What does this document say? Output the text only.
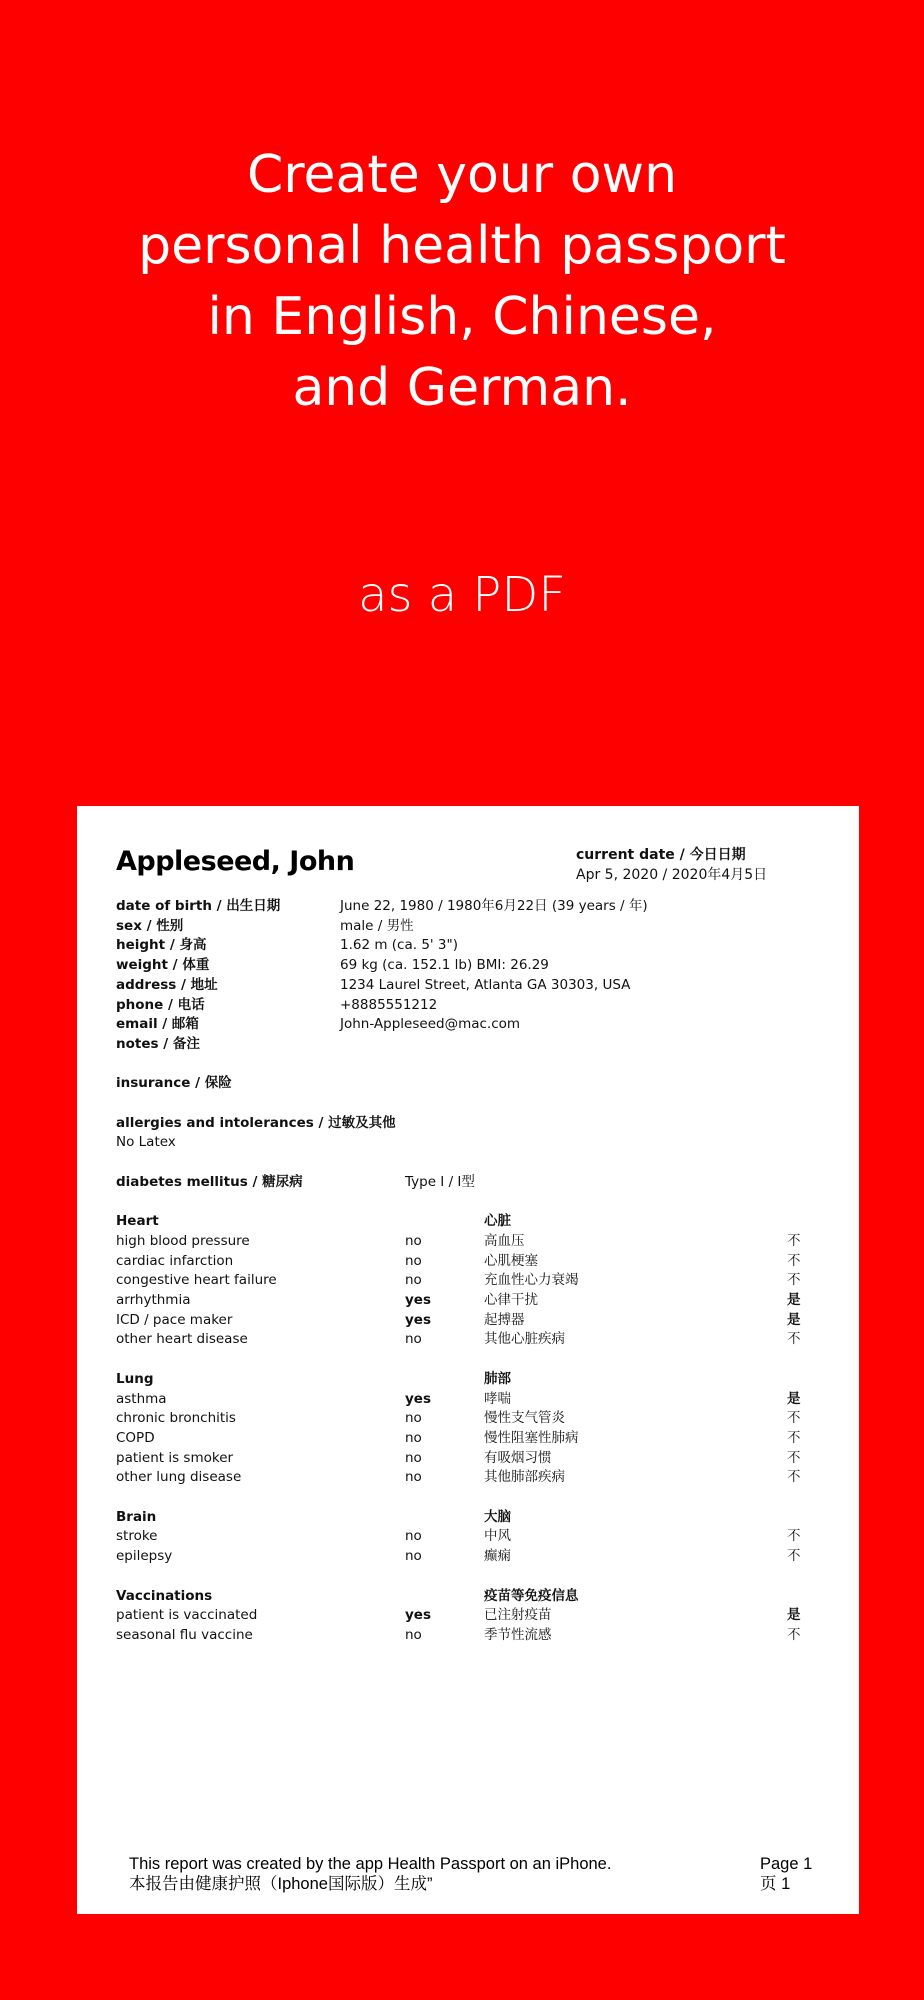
Create your own
personal health passport
in English, Chinese,
and German.
as a PDF
Appleseed, John	current date / 今日日期
Apr 5, 2020 / 2020年4月5日
date of birth / 出生日期	June 22, 1980 / 1980年6月22日 (39 years / 年)
sex / 性别	male / 男性
height / 身高	1.62 m (ca. 5' 3")
weight / 体重	69 kg (ca. 152.1 lb) BMI: 26.29
address / 地址	1234 Laurel Street, Atlanta GA 30303, USA
phone / 电话	+8885551212
email / 邮箱	John-Appleseed@mac.com
notes / 备注
insurance / 保险
allergies and intolerances / 过敏及其他
No Latex
diabetes mellitus / 糖尿病	Type I / I型
Heart	心脏
high blood pressure	no	高血压	不
cardiac infarction	no	心肌梗塞	不
congestive heart failure	no	充血性心力衰竭	不
arrhythmia	yes	心律干扰	是
ICD / pace maker	yes	起搏器	是
other heart disease	no	其他心脏疾病	不
Lung	肺部
asthma	yes	哮喘	是
chronic bronchitis	no	慢性支气管炎	不
COPD	no	慢性阻塞性肺病	不
patient is smoker	no	有吸烟习惯	不
other lung disease	no	其他肺部疾病	不
Brain	大脑
stroke	no	中风	不
epilepsy	no	癫痫	不
Vaccinations	疫苗等免疫信息
patient is vaccinated	yes	已注射疫苗	是
seasonal flu vaccine	no	季节性流感	不
This report was created by the app Health Passport on an iPhone.
本报告由健康护照（Iphone国际版）生成”
Page 1
页 1
